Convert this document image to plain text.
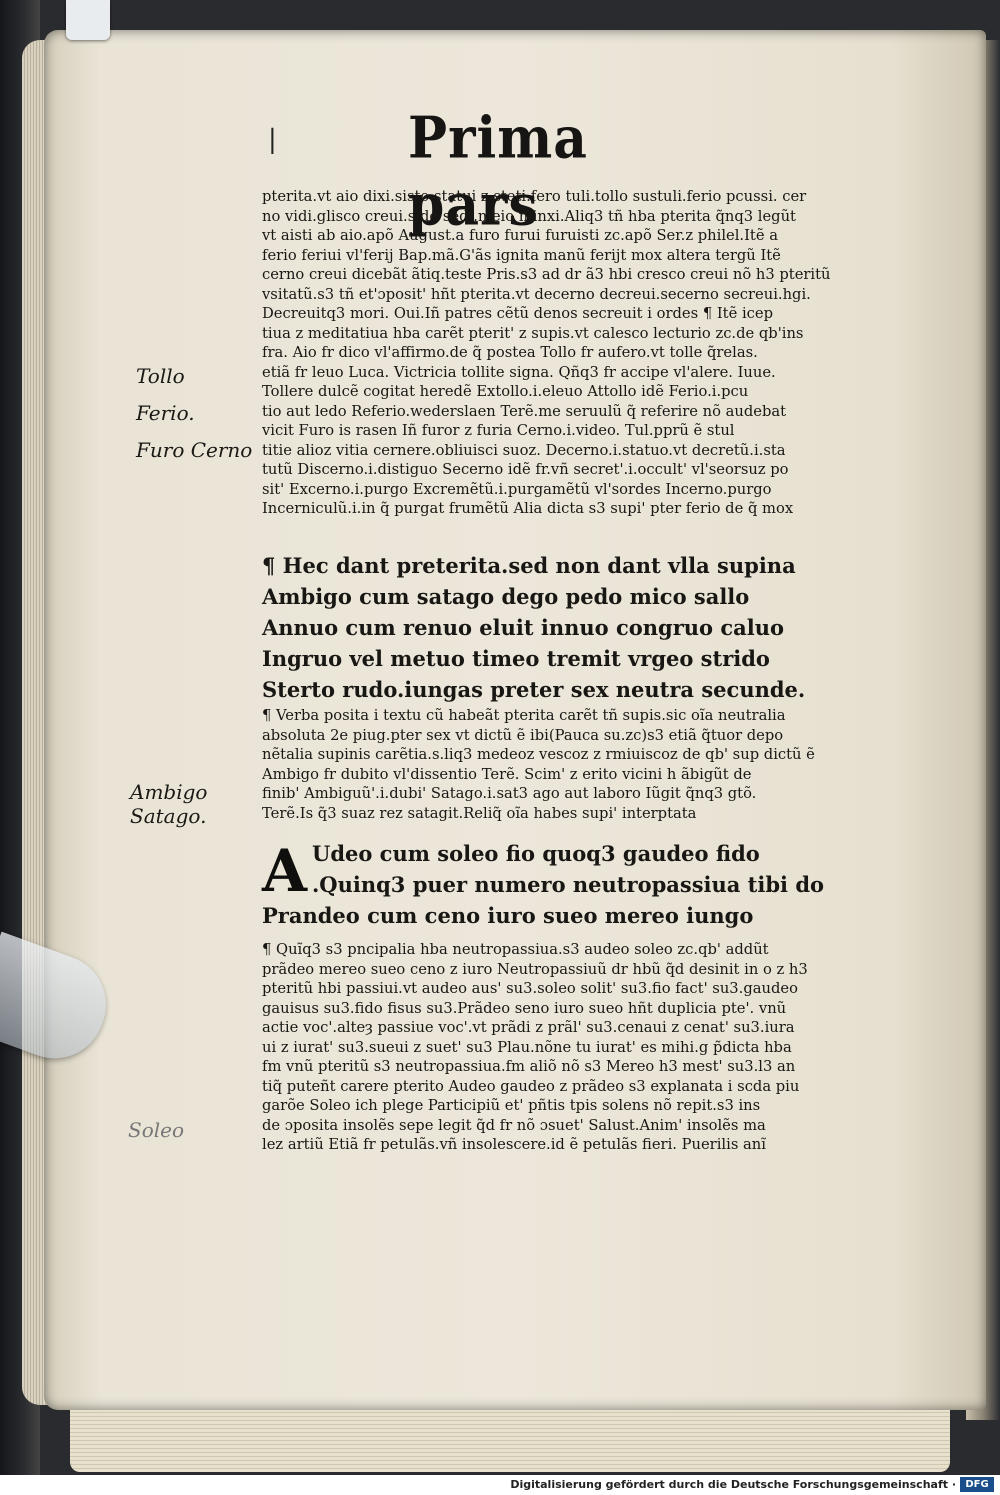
|	Prima pars
Tollo
Ferio.
Furo Cerno
Ambigo
Satago.
Soleo
pterita.vt aio dixi.sisto statui z steti.fero tuli.tollo sustuli.ferio pcussi. cer
no vidi.glisco creui.sido sedi.meio minxi.Aliq3 tñ hba pterita q̃nq3 legũt
vt aisti ab aio.apõ August.a furo furui furuisti zc.apõ Ser.z philel.Itẽ a
ferio feriui vl'ferij Bap.mã.G'ãs ignita manũ ferijt mox altera tergũ Itẽ
cerno creui dicebãt ãtiq.teste Pris.s3 ad dr ã3 hbi cresco creui nõ h3 pteritũ
vsitatũ.s3 tñ et'ɔposit' hñt pterita.vt decerno decreui.secerno secreui.hgi.
Decreuitq3 mori. Oui.Iñ patres cẽtũ denos secreuit i ordes ¶ Itẽ icep
tiua z meditatiua hba carẽt pterit' z supis.vt calesco lecturio zc.de qb'ins
fra. Aio fr dico vl'affirmo.de q̃ postea Tollo fr aufero.vt tolle q̃relas.
etiã fr leuo Luca. Victricia tollite signa. Qñq3 fr accipe vl'alere. Iuue.
Tollere dulcẽ cogitat heredẽ Extollo.i.eleuo Attollo idẽ Ferio.i.pcu
tio aut ledo Referio.wederslaen Terẽ.me seruulũ q̃ referire nõ audebat
vicit Furo is rasen Iñ furor z furia Cerno.i.video. Tul.pprũ ẽ stul
titie alioz vitia cernere.obliuisci suoz. Decerno.i.statuo.vt decretũ.i.sta
tutũ Discerno.i.distiguo Secerno idẽ fr.vñ secret'.i.occult' vl'seorsuz po
sit' Excerno.i.purgo Excremẽtũ.i.purgamẽtũ vl'sordes Incerno.purgo
Incerniculũ.i.in q̃ purgat frumẽtũ Alia dicta s3 supi' pter ferio de q̃ mox
¶ Hec dant preterita.sed non dant vlla supina
Ambigo cum satago dego pedo mico sallo
Annuo cum renuo eluit innuo congruo caluo
Ingruo vel metuo timeo tremit vrgeo strido
Sterto rudo.iungas preter sex neutra secunde.
¶ Verba posita i textu cũ habeãt pterita carẽt tñ supis.sic oĩa neutralia
absoluta 2e piug.pter sex vt dictũ ẽ ibi(Pauca su.zc)s3 etiã q̃tuor depo
nẽtalia supinis carẽtia.s.liq3 medeoz vescoz z rmiuiscoz de qb' sup dictũ ẽ
Ambigo fr dubito vl'dissentio Terẽ. Scim' z erito vicini h ãbigũt de
finib' Ambiguũ'.i.dubi' Satago.i.sat3 ago aut laboro Iũgit q̃nq3 gtõ.
Terẽ.Is q̃3 suaz rez satagit.Reliq̃ oĩa habes supi' interptata
A Udeo cum soleo fio quoq3 gaudeo fido
.Quinq3 puer numero neutropassiua tibi do
Prandeo cum ceno iuro sueo mereo iungo
¶ Quĩq3 s3 pncipalia hba neutropassiua.s3 audeo soleo zc.qb' addũt
prãdeo mereo sueo ceno z iuro Neutropassiuũ dr hbũ q̃d desinit in o z h3
pteritũ hbi passiui.vt audeo aus' su3.soleo solit' su3.fio fact' su3.gaudeo
gauisus su3.fido fisus su3.Prãdeo seno iuro sueo hñt duplicia pte'. vnũ
actie voc'.alteȝ passiue voc'.vt prãdi z prãl' su3.cenaui z cenat' su3.iura
ui z iurat' su3.sueui z suet' su3 Plau.nõne tu iurat' es mihi.g p̃dicta hba
fm vnũ pteritũ s3 neutropassiua.fm aliõ nõ s3 Mereo h3 mest' su3.l3 an
tiq̃ puteñt carere pterito Audeo gaudeo z prãdeo s3 explanata i scda piu
garõe Soleo ich plege Participiũ et' pñtis tpis solens nõ repit.s3 ins
de ɔposita insolẽs sepe legit q̃d fr nõ ɔsuet' Salust.Anim' insolẽs ma
lez artiũ Etiã fr petulãs.vñ insolescere.id ẽ petulãs fieri. Puerilis anĩ
Digitalisierung gefördert durch die Deutsche Forschungsgemeinschaft · DFG
